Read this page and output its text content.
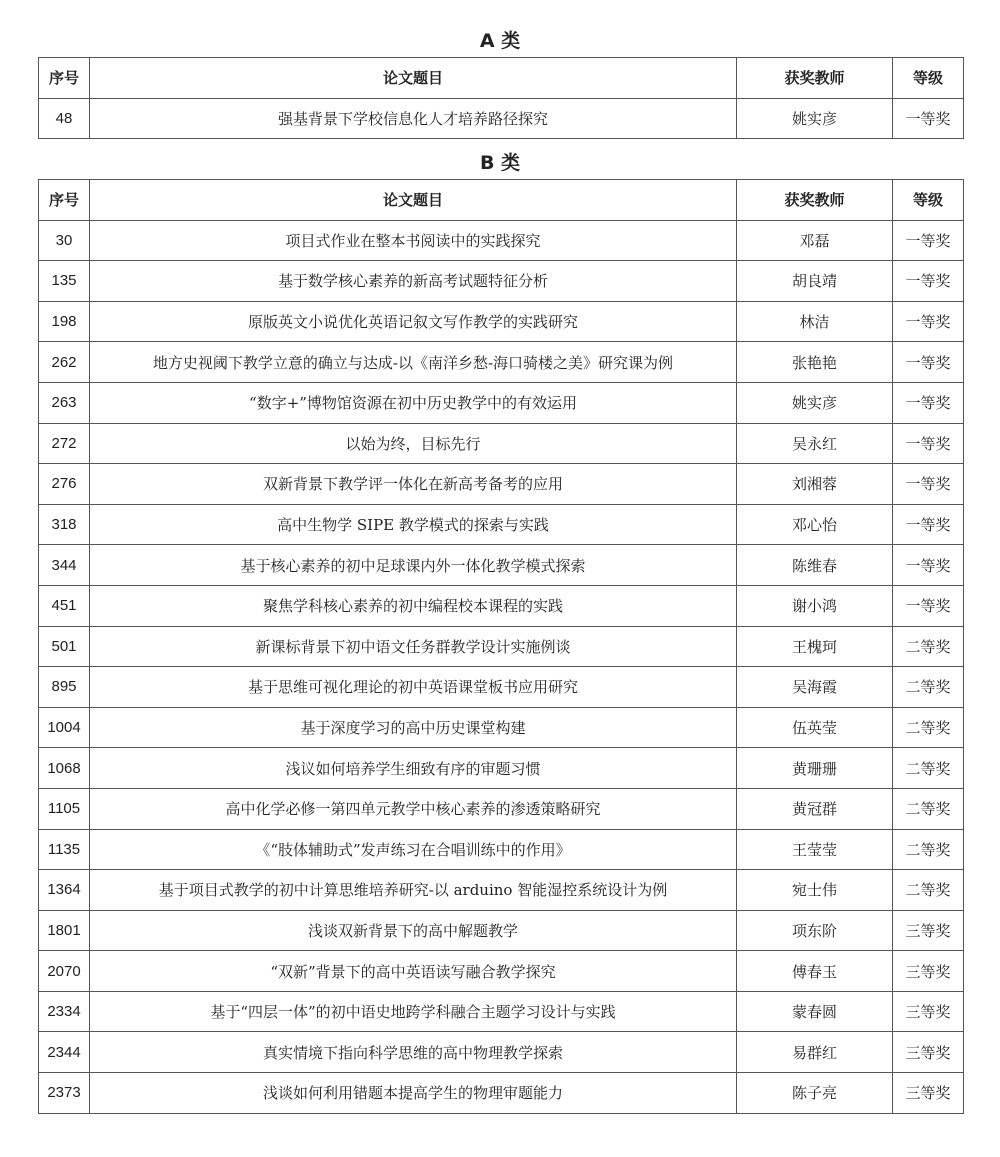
A 类
序号	论文题目	获奖教师	等级
48	强基背景下学校信息化人才培养路径探究	姚实彦	一等奖
B 类
序号	论文题目	获奖教师	等级
30	项目式作业在整本书阅读中的实践探究	邓磊	一等奖
135	基于数学核心素养的新高考试题特征分析	胡良靖	一等奖
198	原版英文小说优化英语记叙文写作教学的实践研究	林洁	一等奖
262	地方史视阈下教学立意的确立与达成-以《南洋乡愁-海口骑楼之美》研究课为例	张艳艳	一等奖
263	“数字+”博物馆资源在初中历史教学中的有效运用	姚实彦	一等奖
272	以始为终，目标先行	吴永红	一等奖
276	双新背景下教学评一体化在新高考备考的应用	刘湘蓉	一等奖
318	高中生物学 SIPE 教学模式的探索与实践	邓心怡	一等奖
344	基于核心素养的初中足球课内外一体化教学模式探索	陈维春	一等奖
451	聚焦学科核心素养的初中编程校本课程的实践	谢小鸿	一等奖
501	新课标背景下初中语文任务群教学设计实施例谈	王槐珂	二等奖
895	基于思维可视化理论的初中英语课堂板书应用研究	吴海霞	二等奖
1004	基于深度学习的高中历史课堂构建	伍英莹	二等奖
1068	浅议如何培养学生细致有序的审题习惯	黄珊珊	二等奖
1105	高中化学必修一第四单元教学中核心素养的渗透策略研究	黄冠群	二等奖
1135	《“肢体辅助式”发声练习在合唱训练中的作用》	王莹莹	二等奖
1364	基于项目式教学的初中计算思维培养研究-以 arduino 智能湿控系统设计为例	宛士伟	二等奖
1801	浅谈双新背景下的高中解题教学	项东阶	三等奖
2070	“双新”背景下的高中英语读写融合教学探究	傅春玉	三等奖
2334	基于“四层一体”的初中语史地跨学科融合主题学习设计与实践	蒙春圆	三等奖
2344	真实情境下指向科学思维的高中物理教学探索	易群红	三等奖
2373	浅谈如何利用错题本提高学生的物理审题能力	陈子亮	三等奖
